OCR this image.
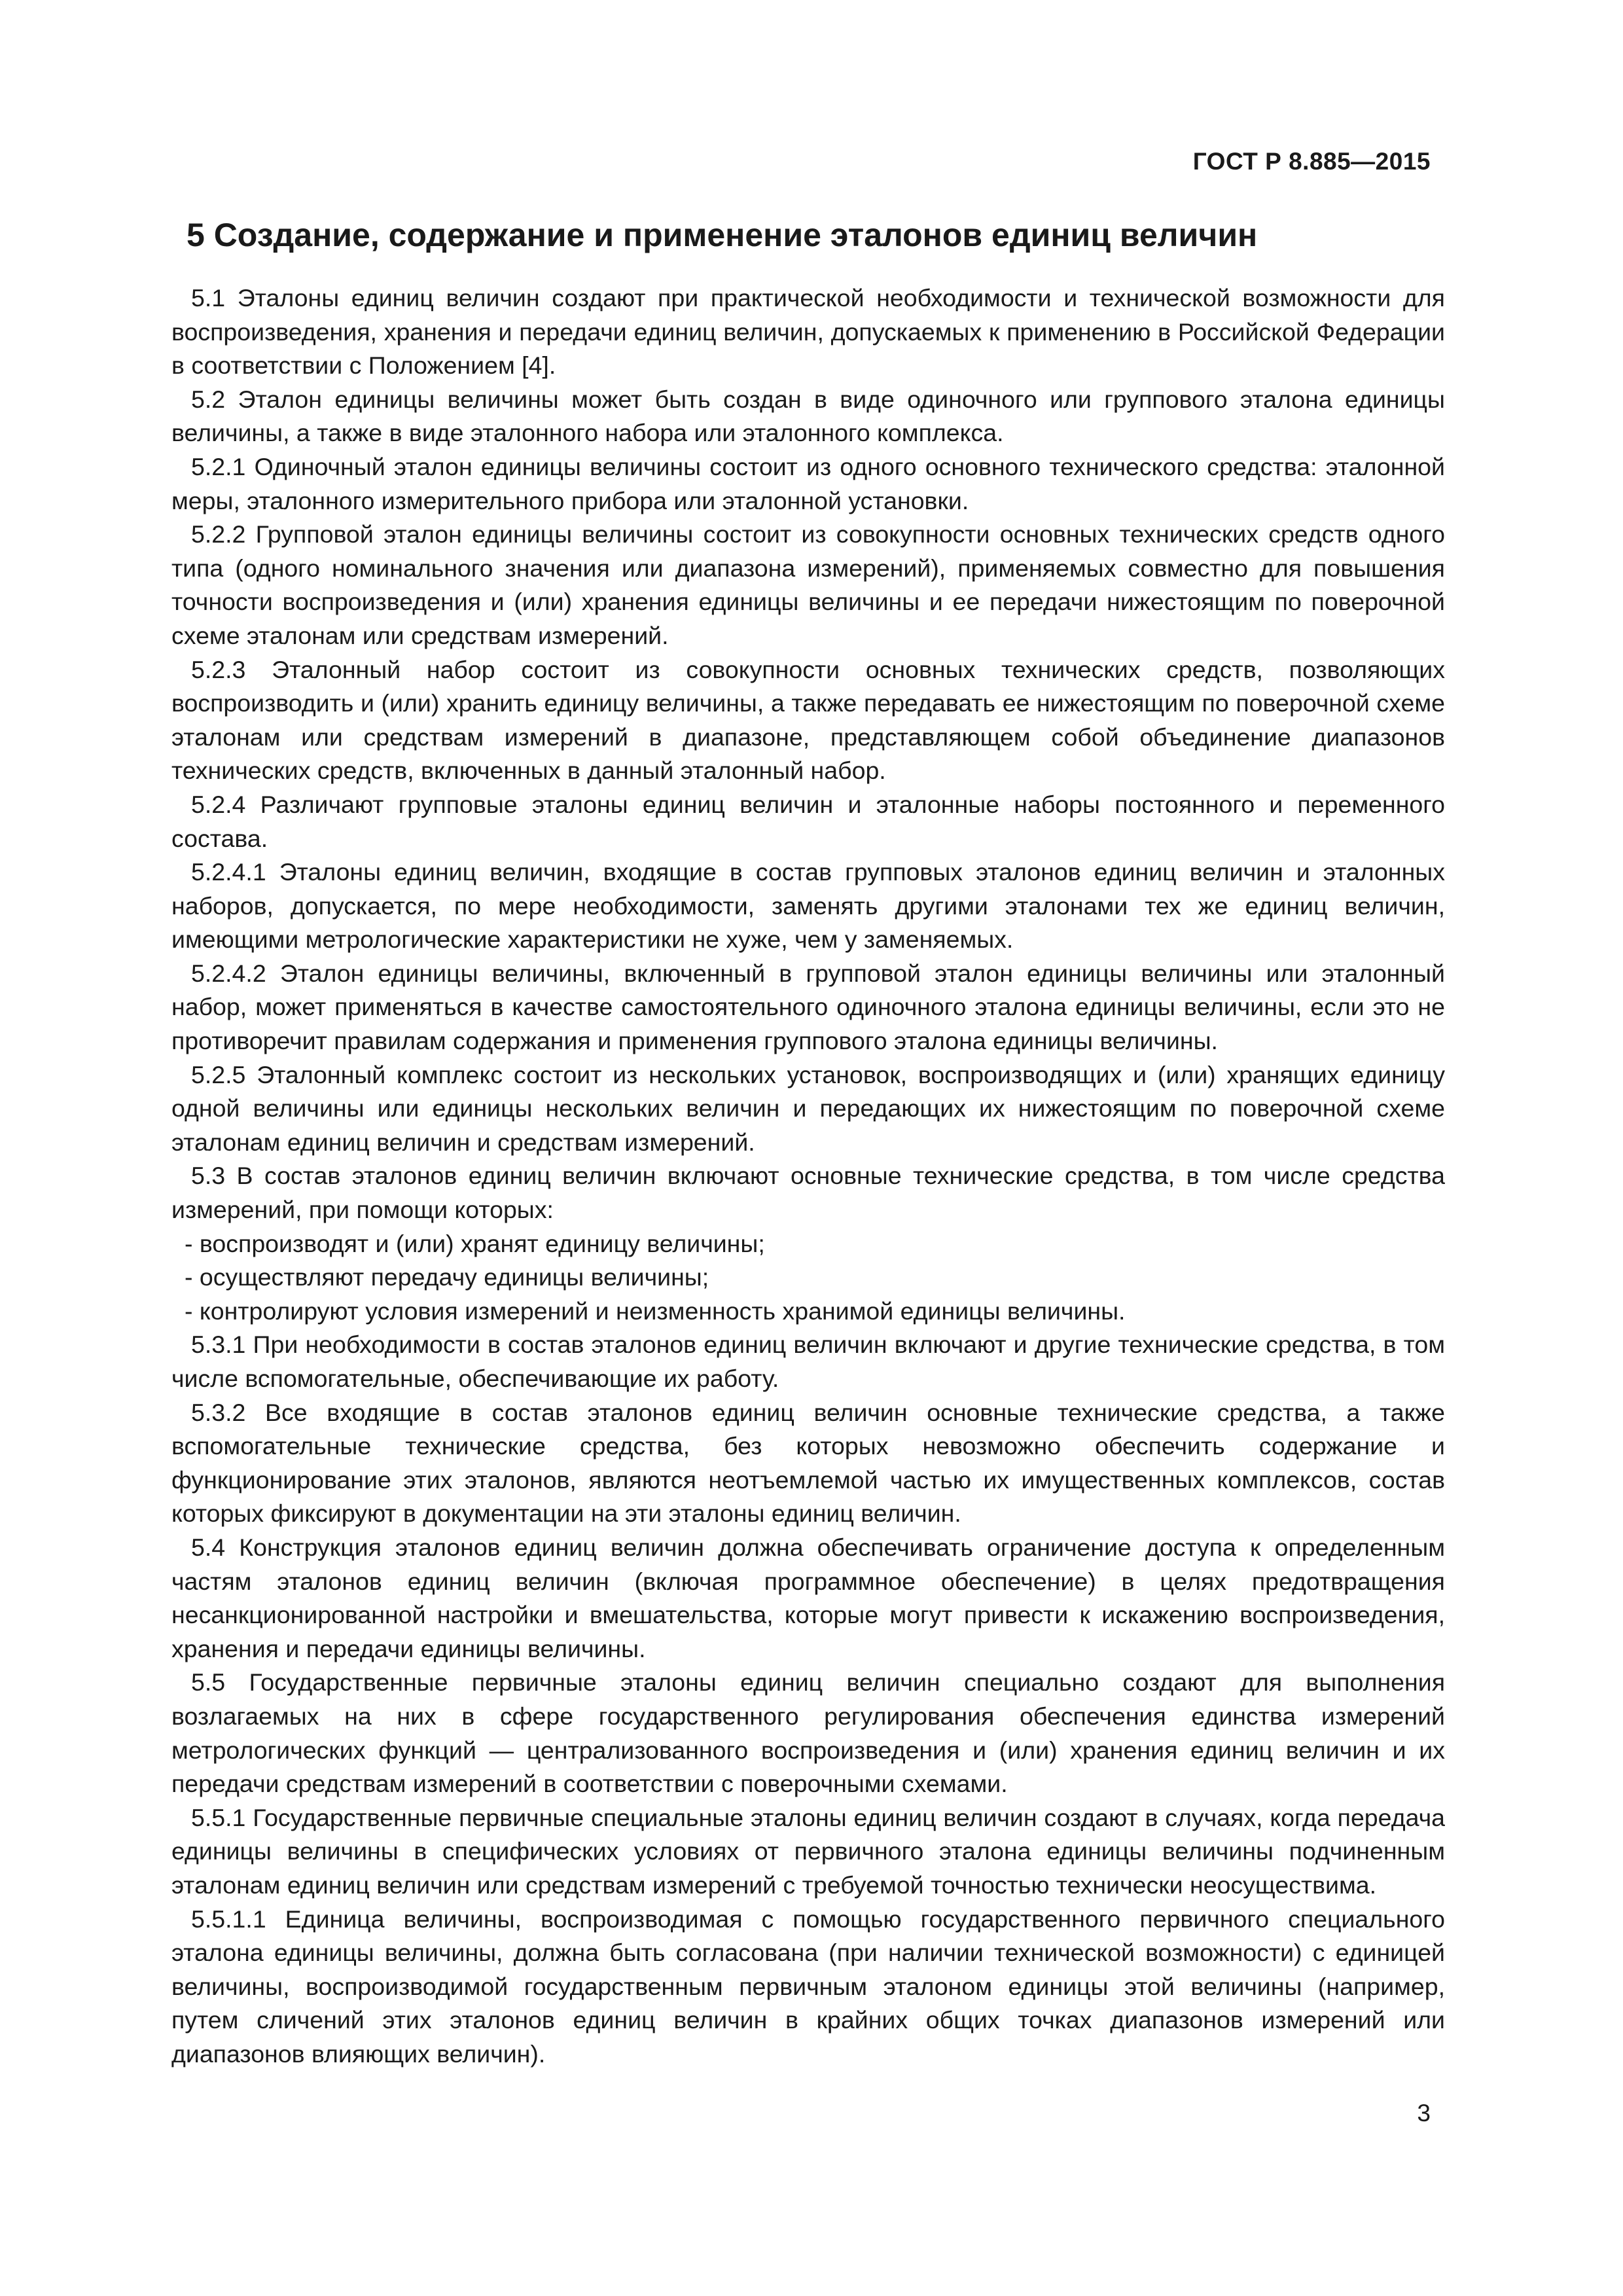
ГОСТ Р 8.885—2015
5 Создание, содержание и применение эталонов единиц величин

5.1 Эталоны единиц величин создают при практической необходимости и технической возможности для воспроизведения, хранения и передачи единиц величин, допускаемых к применению в Российской Федерации в соответствии с Положением [4].

5.2 Эталон единицы величины может быть создан в виде одиночного или группового эталона единицы величины, а также в виде эталонного набора или эталонного комплекса.

5.2.1 Одиночный эталон единицы величины состоит из одного основного технического средства: эталонной меры, эталонного измерительного прибора или эталонной установки.

5.2.2 Групповой эталон единицы величины состоит из совокупности основных технических средств одного типа (одного номинального значения или диапазона измерений), применяемых совместно для повышения точности воспроизведения и (или) хранения единицы величины и ее передачи нижестоящим по поверочной схеме эталонам или средствам измерений.

5.2.3 Эталонный набор состоит из совокупности основных технических средств, позволяющих воспроизводить и (или) хранить единицу величины, а также передавать ее нижестоящим по поверочной схеме эталонам или средствам измерений в диапазоне, представляющем собой объединение диапазонов технических средств, включенных в данный эталонный набор.

5.2.4 Различают групповые эталоны единиц величин и эталонные наборы постоянного и переменного состава.

5.2.4.1 Эталоны единиц величин, входящие в состав групповых эталонов единиц величин и эталонных наборов, допускается, по мере необходимости, заменять другими эталонами тех же единиц величин, имеющими метрологические характеристики не хуже, чем у заменяемых.

5.2.4.2 Эталон единицы величины, включенный в групповой эталон единицы величины или эталонный набор, может применяться в качестве самостоятельного одиночного эталона единицы величины, если это не противоречит правилам содержания и применения группового эталона единицы величины.

5.2.5 Эталонный комплекс состоит из нескольких установок, воспроизводящих и (или) хранящих единицу одной величины или единицы нескольких величин и передающих их нижестоящим по поверочной схеме эталонам единиц величин и средствам измерений.

5.3 В состав эталонов единиц величин включают основные технические средства, в том числе средства измерений, при помощи которых:

- воспроизводят и (или) хранят единицу величины;

- осуществляют передачу единицы величины;

- контролируют условия измерений и неизменность хранимой единицы величины.

5.3.1 При необходимости в состав эталонов единиц величин включают и другие технические средства, в том числе вспомогательные, обеспечивающие их работу.

5.3.2 Все входящие в состав эталонов единиц величин основные технические средства, а также вспомогательные технические средства, без которых невозможно обеспечить содержание и функционирование этих эталонов, являются неотъемлемой частью их имущественных комплексов, состав которых фиксируют в документации на эти эталоны единиц величин.

5.4 Конструкция эталонов единиц величин должна обеспечивать ограничение доступа к определенным частям эталонов единиц величин (включая программное обеспечение) в целях предотвращения несанкционированной настройки и вмешательства, которые могут привести к искажению воспроизведения, хранения и передачи единицы величины.

5.5 Государственные первичные эталоны единиц величин специально создают для выполнения возлагаемых на них в сфере государственного регулирования обеспечения единства измерений метрологических функций — централизованного воспроизведения и (или) хранения единиц величин и их передачи средствам измерений в соответствии с поверочными схемами.

5.5.1 Государственные первичные специальные эталоны единиц величин создают в случаях, когда передача единицы величины в специфических условиях от первичного эталона единицы величины подчиненным эталонам единиц величин или средствам измерений с требуемой точностью технически неосуществима.

5.5.1.1 Единица величины, воспроизводимая с помощью государственного первичного специального эталона единицы величины, должна быть согласована (при наличии технической возможности) с единицей величины, воспроизводимой государственным первичным эталоном единицы этой величины (например, путем сличений этих эталонов единиц величин в крайних общих точках диапазонов измерений или диапазонов влияющих величин).

3
